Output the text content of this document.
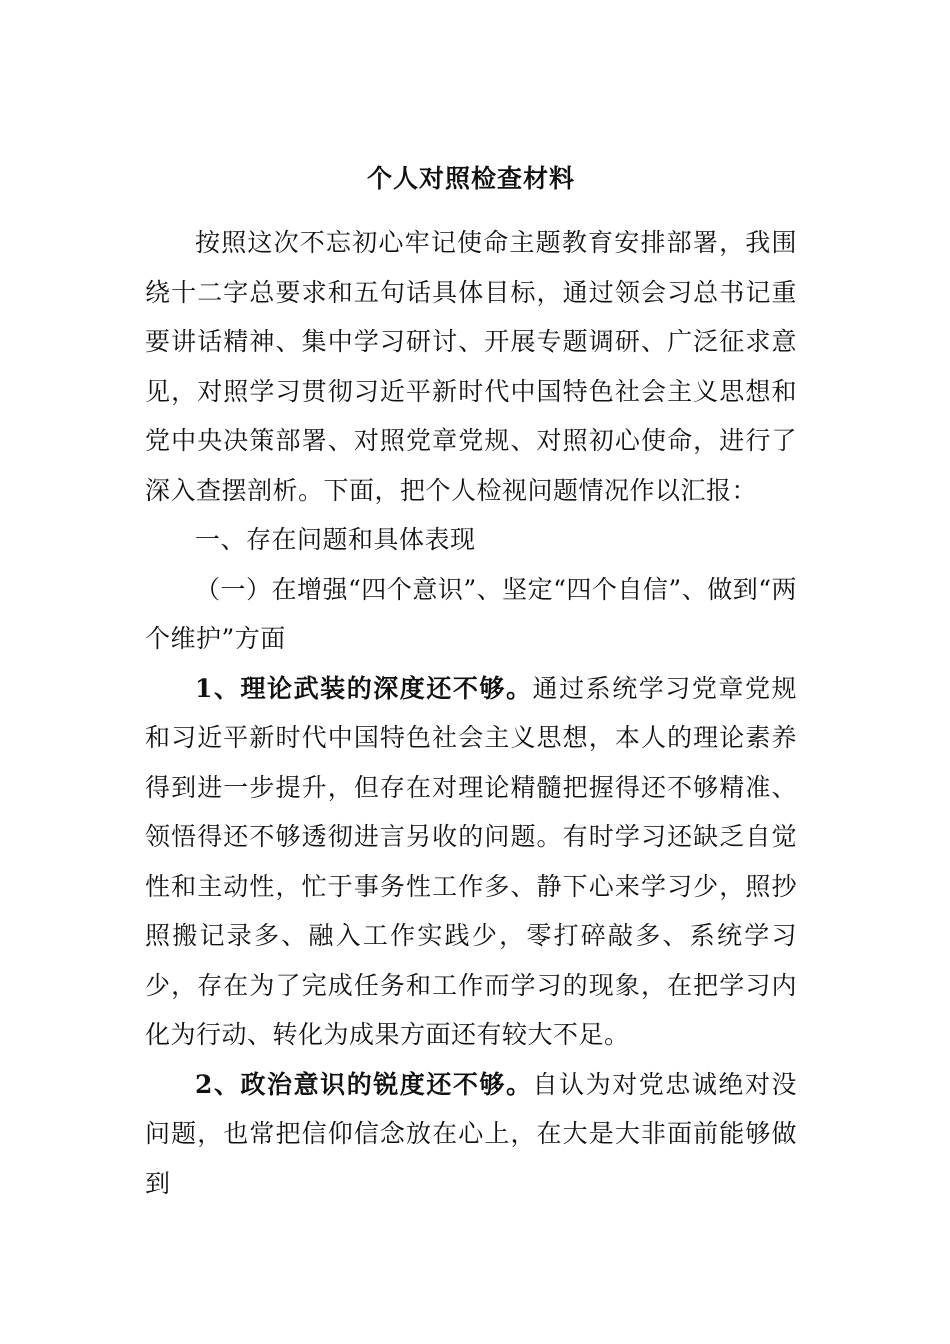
个人对照检查材料

按照这次不忘初心牢记使命主题教育安排部署，我围绕十二字总要求和五句话具体目标，通过领会习总书记重要讲话精神、集中学习研讨、开展专题调研、广泛征求意见，对照学习贯彻习近平新时代中国特色社会主义思想和党中央决策部署、对照党章党规、对照初心使命，进行了深入查摆剖析。下面，把个人检视问题情况作以汇报：

一、存在问题和具体表现

（一）在增强“四个意识”、坚定“四个自信”、做到“两个维护”方面

1、理论武装的深度还不够。通过系统学习党章党规和习近平新时代中国特色社会主义思想，本人的理论素养得到进一步提升，但存在对理论精髓把握得还不够精准、领悟得还不够透彻进言另收的问题。有时学习还缺乏自觉性和主动性，忙于事务性工作多、静下心来学习少，照抄照搬记录多、融入工作实践少，零打碎敲多、系统学习少，存在为了完成任务和工作而学习的现象，在把学习内化为行动、转化为成果方面还有较大不足。

2、政治意识的锐度还不够。自认为对党忠诚绝对没问题，也常把信仰信念放在心上，在大是大非面前能够做到
